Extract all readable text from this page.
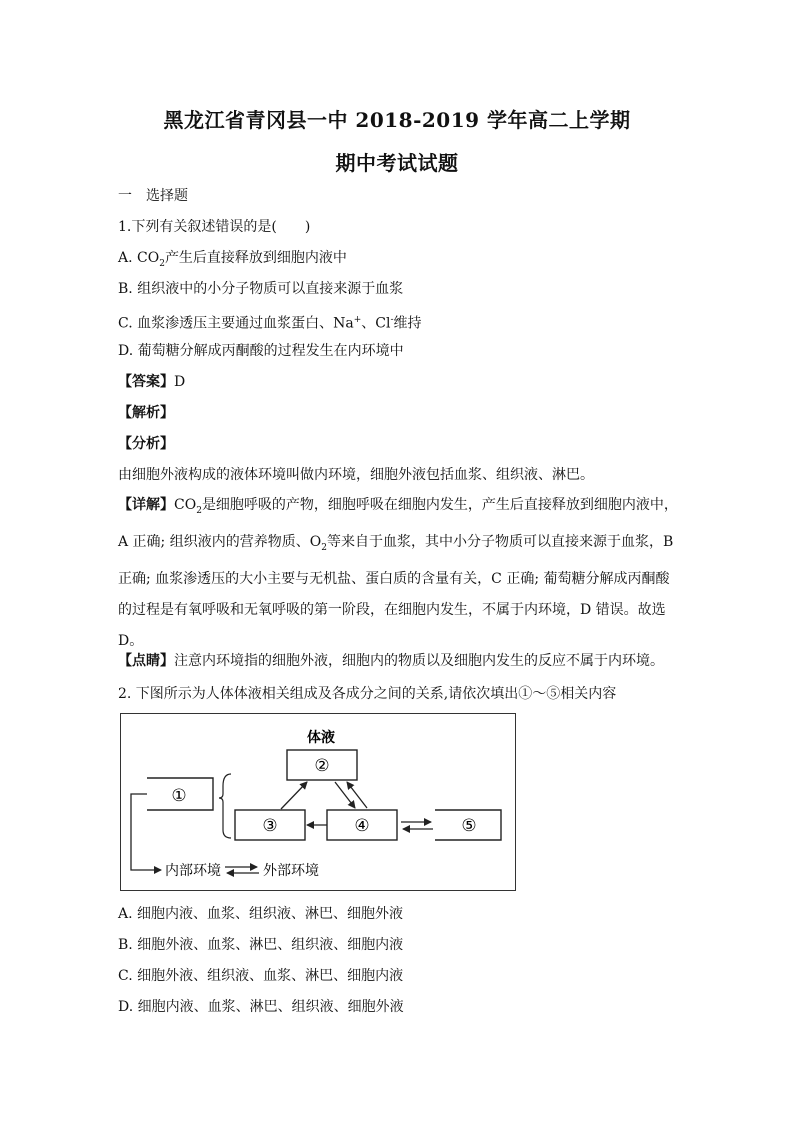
黑龙江省青冈县一中 2018-2019 学年高二上学期
期中考试试题
一　选择题
1.下列有关叙述错误的是(　　)
A. $CO_2$产生后直接释放到细胞内液中
B. 组织液中的小分子物质可以直接来源于血浆
C. 血浆渗透压主要通过血浆蛋白、Na+、Cl-维持
D. 葡萄糖分解成丙酮酸的过程发生在内环境中
【答案】D
【解析】
【分析】
由细胞外液构成的液体环境叫做内环境，细胞外液包括血浆、组织液、淋巴。
【详解】$CO_2$是细胞呼吸的产物，细胞呼吸在细胞内发生，产生后直接释放到细胞内液中，A 正确; 组织液内的营养物质、$O_2$等来自于血浆，其中小分子物质可以直接来源于血浆，B 正确; 血浆渗透压的大小主要与无机盐、蛋白质的含量有关，C 正确; 葡萄糖分解成丙酮酸的过程是有氧呼吸和无氧呼吸的第一阶段，在细胞内发生，不属于内环境，D 错误。故选 D。
【点睛】注意内环境指的细胞外液，细胞内的物质以及细胞内发生的反应不属于内环境。
2. 下图所示为人体体液相关组成及各成分之间的关系,请依次填出①～⑤相关内容
体液
②
①
③	④	⑤
内部环境	外部环境
A. 细胞内液、血浆、组织液、淋巴、细胞外液
B. 细胞外液、血浆、淋巴、组织液、细胞内液
C. 细胞外液、组织液、血浆、淋巴、细胞内液
D. 细胞内液、血浆、淋巴、组织液、细胞外液
